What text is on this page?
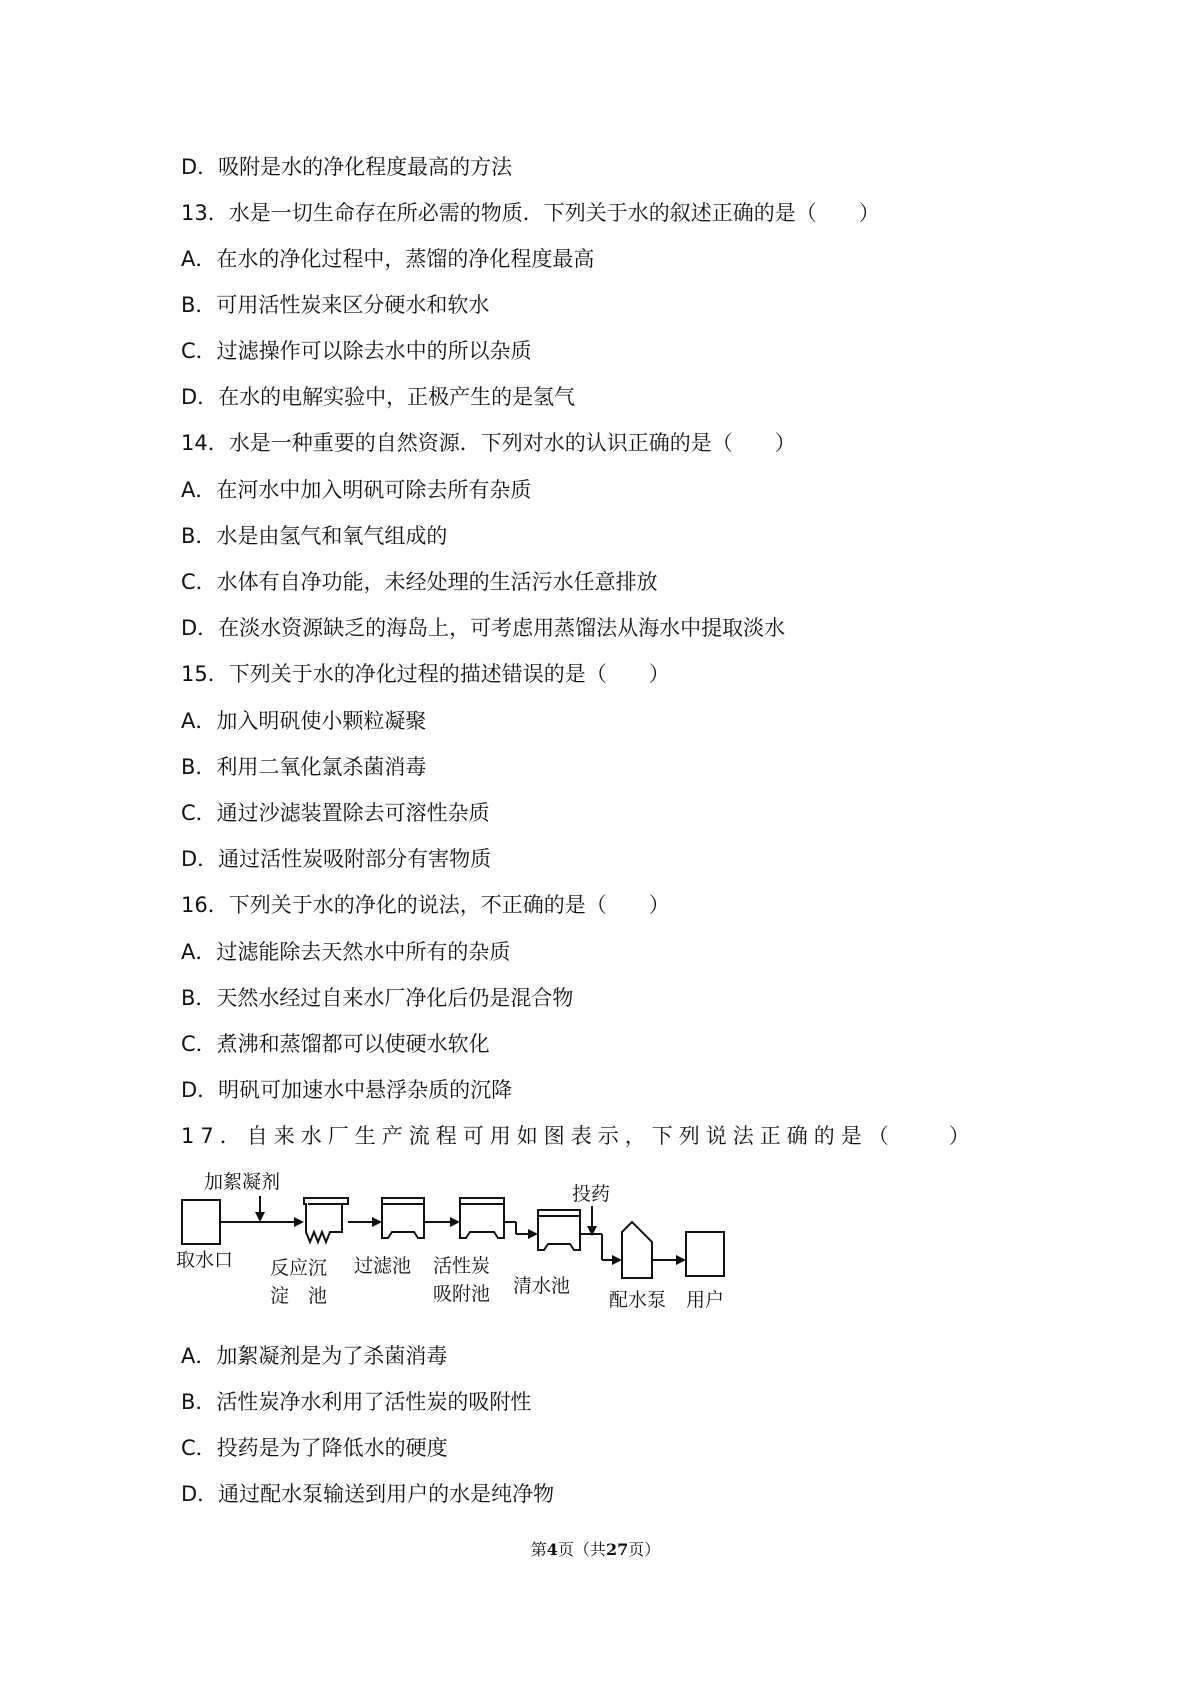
D．吸附是水的净化程度最高的方法
13．水是一切生命存在所必需的物质．下列关于水的叙述正确的是（　　）
A．在水的净化过程中，蒸馏的净化程度最高
B．可用活性炭来区分硬水和软水
C．过滤操作可以除去水中的所以杂质
D．在水的电解实验中，正极产生的是氢气
14．水是一种重要的自然资源．下列对水的认识正确的是（　　）
A．在河水中加入明矾可除去所有杂质
B．水是由氢气和氧气组成的
C．水体有自净功能，未经处理的生活污水任意排放
D．在淡水资源缺乏的海岛上，可考虑用蒸馏法从海水中提取淡水
15．下列关于水的净化过程的描述错误的是（　　）
A．加入明矾使小颗粒凝聚
B．利用二氧化氯杀菌消毒
C．通过沙滤装置除去可溶性杂质
D．通过活性炭吸附部分有害物质
16．下列关于水的净化的说法，不正确的是（　　）
A．过滤能除去天然水中所有的杂质
B．天然水经过自来水厂净化后仍是混合物
C．煮沸和蒸馏都可以使硬水软化
D．明矾可加速水中悬浮杂质的沉降
17．自来水厂生产流程可用如图表示，下列说法正确的是（　　）
加絮凝剂
投药
取水口 反应沉
淀　池
过滤池 活性炭
吸附池 清水池
配水泵 用户
A．加絮凝剂是为了杀菌消毒
B．活性炭净水利用了活性炭的吸附性
C．投药是为了降低水的硬度
D．通过配水泵输送到用户的水是纯净物
第4页（共27页）
